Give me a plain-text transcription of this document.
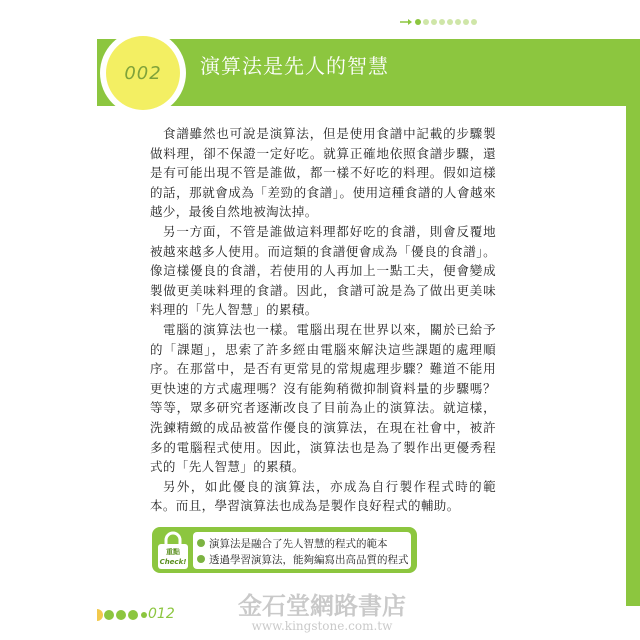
002 演算法是先人的智慧

食譜雖然也可說是演算法，但是使用食譜中記載的步驟製做料理，卻不保證一定好吃。就算正確地依照食譜步驟，還是有可能出現不管是誰做，都一樣不好吃的料理。假如這樣的話，那就會成為「差勁的食譜」。使用這種食譜的人會越來越少，最後自然地被淘汰掉。

另一方面，不管是誰做這料理都好吃的食譜，則會反覆地被越來越多人使用。而這類的食譜便會成為「優良的食譜」。像這樣優良的食譜，若使用的人再加上一點工夫，便會變成製做更美味料理的食譜。因此，食譜可說是為了做出更美味料理的「先人智慧」的累積。

電腦的演算法也一樣。電腦出現在世界以來，關於已給予的「課題」，思索了許多經由電腦來解決這些課題的處理順序。在那當中，是否有更常見的常規處理步驟？難道不能用更快速的方式處理嗎？沒有能夠稍微抑制資料量的步驟嗎？等等，眾多研究者逐漸改良了目前為止的演算法。就這樣，洗鍊精緻的成品被當作優良的演算法，在現在社會中，被許多的電腦程式使用。因此，演算法也是為了製作出更優秀程式的「先人智慧」的累積。

另外，如此優良的演算法，亦成為自行製作程式時的範本。而且，學習演算法也成為是製作良好程式的輔助。

重點
Check!
演算法是融合了先人智慧的程式的範本
透過學習演算法，能夠編寫出高品質的程式
012	金石堂網路書店
www.kingstone.com.tw
